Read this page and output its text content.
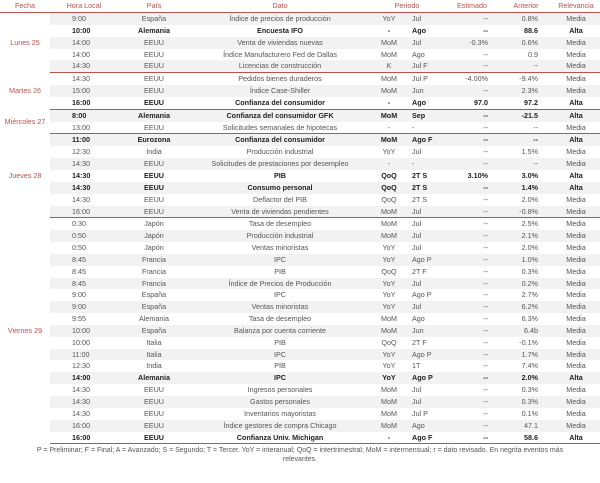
Fecha	Hora Local	País	Dato	Periodo		Estimado	Anterior	Relevancia
Lunes 25	9:00	España	Índice de precios de producción	YoY	Jul	--	0.8%	Media
	10:00	Alemania	Encuesta IFO	-	Ago	--	88.6	Alta
	14:00	EEUU	Venta de viviendas nuevas	MoM	Jul	-0.3%	0.6%	Media
	14:00	EEUU	Índice Manufacturero Fed de Dallas	MoM	Ago	--	0.9	Media
	14:30	EEUU	Licencias de construcción	K	Jul F	--	--	Media
Martes 26	14:30	EEUU	Pedidos bienes duraderos	MoM	Jul P	-4.00%	-9.4%	Media
	15:00	EEUU	Índice Case-Shiller	MoM	Jun	--	2.3%	Media
	16:00	EEUU	Confianza del consumidor	-	Ago	97.0	97.2	Alta
Miércoles 27	8:00	Alemania	Confianza del consumidor GFK	MoM	Sep	--	-21.5	Alta
	13:00	EEUU	Solicitudes semanales de hipotecas	-	-	--	--	Media
Jueves 28	11:00	Eurozona	Confianza del consumidor	MoM	Ago F	--	--	Alta
	12:30	India	Producción industrial	YoY	Jul	--	1.5%	Media
	14:30	EEUU	Solicitudes de prestaciones por desempleo	-	-	--	--	Media
	14:30	EEUU	PIB	QoQ	2T S	3.10%	3.0%	Alta
	14:30	EEUU	Consumo personal	QoQ	2T S	--	1.4%	Alta
	14:30	EEUU	Deflactor del PIB	QoQ	2T S	--	2.0%	Media
	16:00	EEUU	Venta de viviendas pendientes	MoM	Jul	--	-0.8%	Media
Viernes 29	0:30	Japón	Tasa de desempleo	MoM	Jul	--	2.5%	Media
	0:50	Japón	Producción industrial	MoM	Jul	--	2.1%	Media
	0:50	Japón	Ventas minoristas	YoY	Jul	--	2.0%	Media
	8:45	Francia	IPC	YoY	Ago P	--	1.0%	Media
	8:45	Francia	PIB	QoQ	2T F	--	0.3%	Media
	8:45	Francia	Índice de Precios de Producción	YoY	Jul	--	0.2%	Media
	9:00	España	IPC	YoY	Ago P	--	2.7%	Media
	9:00	España	Ventas minoristas	YoY	Jul	--	6.2%	Media
	9:55	Alemania	Tasa de desempleo	MoM	Ago	--	6.3%	Media
	10:00	España	Balanza por cuenta corriente	MoM	Jun	--	6.4b	Media
	10:00	Italia	PIB	QoQ	2T F	--	-0.1%	Media
	11:00	Italia	IPC	YoY	Ago P	--	1.7%	Media
	12:30	India	PIB	YoY	1T	--	7.4%	Media
	14:00	Alemania	IPC	YoY	Ago P	--	2.0%	Alta
	14:30	EEUU	Ingresos personales	MoM	Jul	--	0.3%	Media
	14:30	EEUU	Gastos personales	MoM	Jul	--	0.3%	Media
	14:30	EEUU	Inventarios mayoristas	MoM	Jul P	--	0.1%	Media
	16:00	EEUU	Índice gestores de compra Chicago	MoM	Ago	--	47.1	Media
	16:00	EEUU	Confianza Univ. Michigan	-	Ago F	--	58.6	Alta
P = Preliminar; F = Final; A = Avanzado; S = Segundo; T = Tercer. YoY = interanual; QoQ = intertrimestral; MoM = intermensual; r = dato revisado. En negrita eventos más relevantes.
